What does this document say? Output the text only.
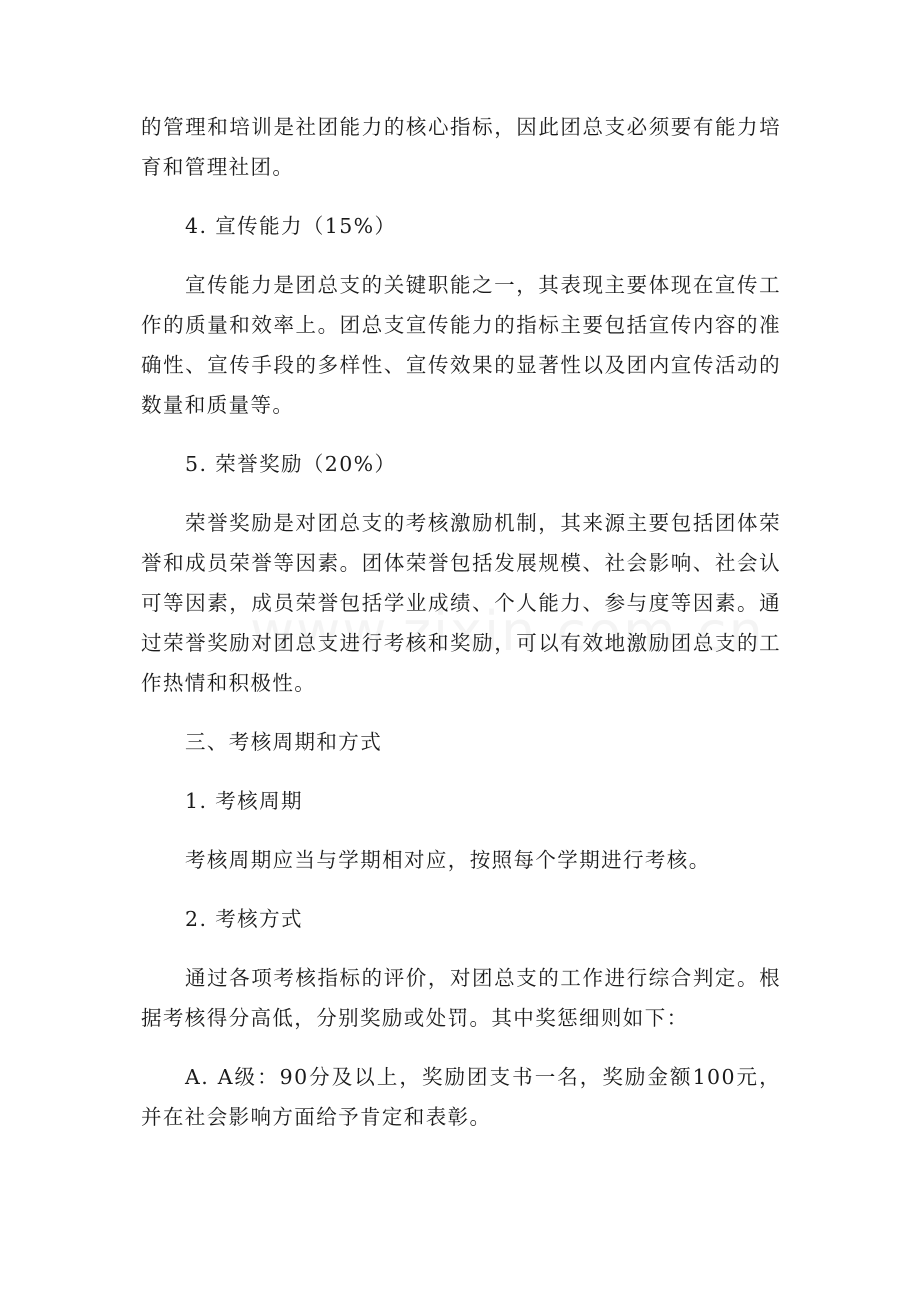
的管理和培训是社团能力的核心指标，因此团总支必须要有能力培育和管理社团。

4. 宣传能力（15%）

宣传能力是团总支的关键职能之一，其表现主要体现在宣传工作的质量和效率上。团总支宣传能力的指标主要包括宣传内容的准确性、宣传手段的多样性、宣传效果的显著性以及团内宣传活动的数量和质量等。

5. 荣誉奖励（20%）

荣誉奖励是对团总支的考核激励机制，其来源主要包括团体荣誉和成员荣誉等因素。团体荣誉包括发展规模、社会影响、社会认可等因素，成员荣誉包括学业成绩、个人能力、参与度等因素。通过荣誉奖励对团总支进行考核和奖励，可以有效地激励团总支的工作热情和积极性。

三、考核周期和方式

1. 考核周期

考核周期应当与学期相对应，按照每个学期进行考核。

2. 考核方式

通过各项考核指标的评价，对团总支的工作进行综合判定。根据考核得分高低，分别奖励或处罚。其中奖惩细则如下：

A. A级：90分及以上，奖励团支书一名，奖励金额100元，并在社会影响方面给予肯定和表彰。
